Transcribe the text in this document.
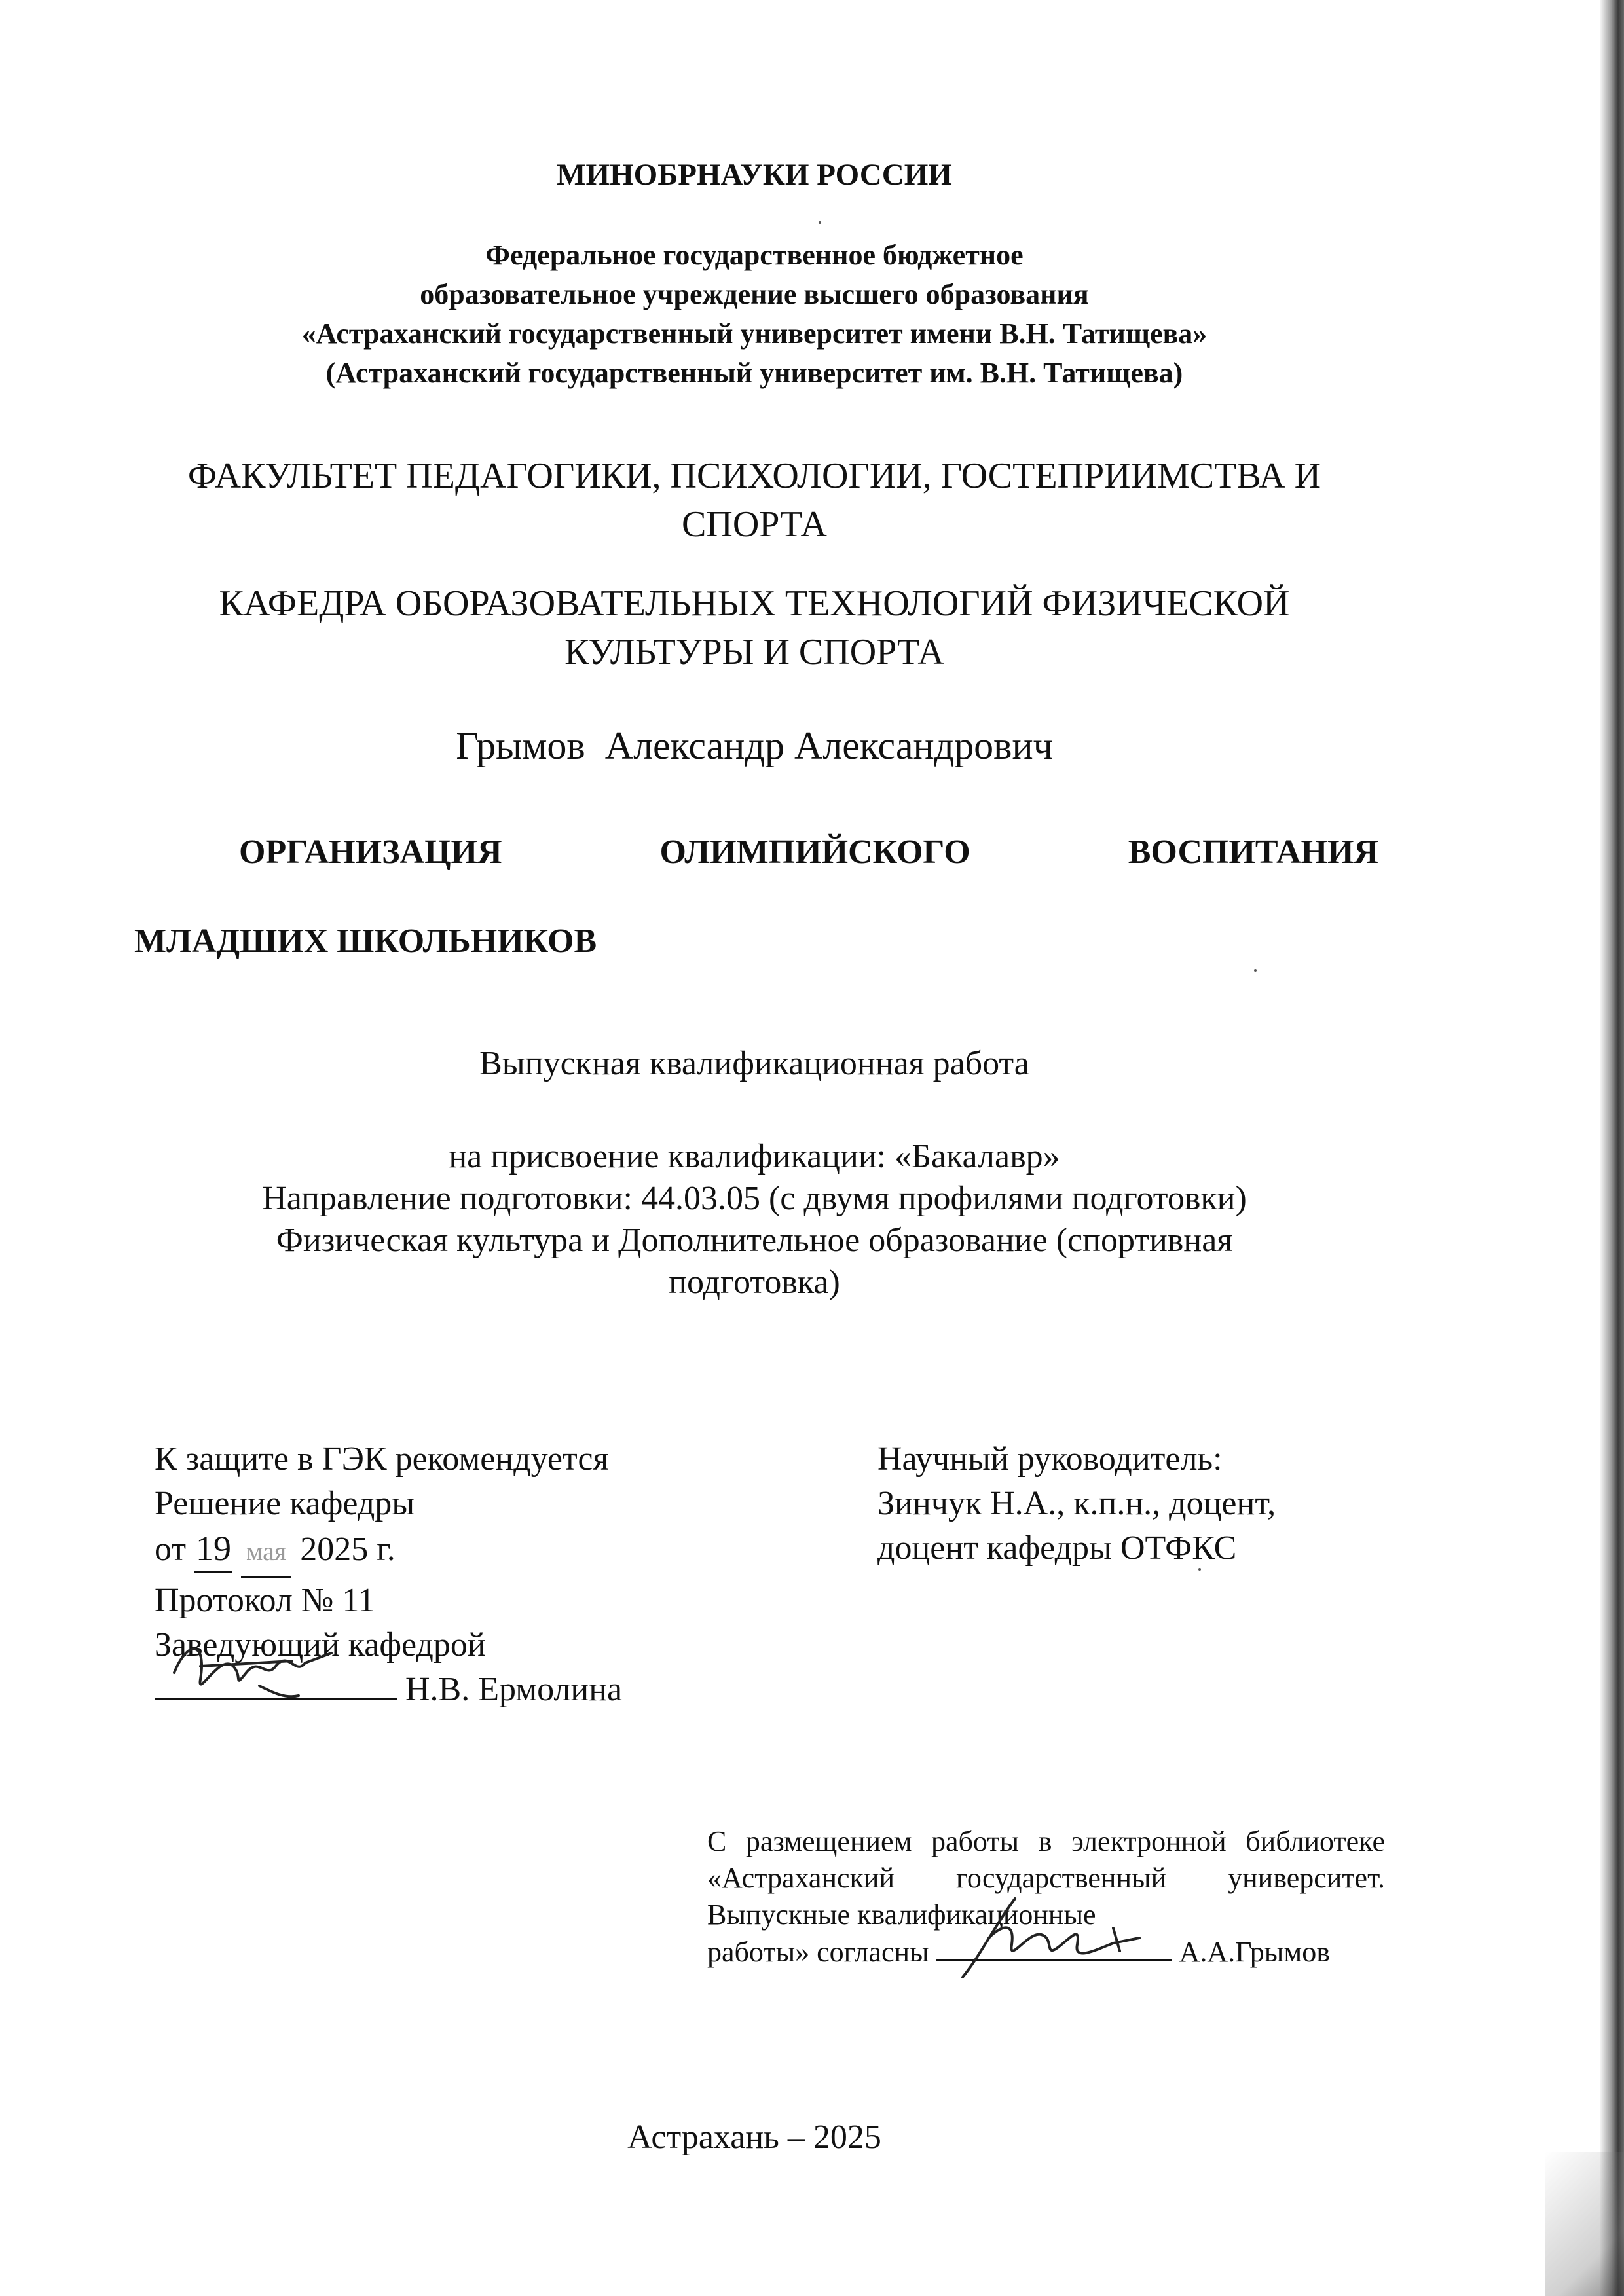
МИНОБРНАУКИ РОССИИ
Федеральное государственное бюджетное
образовательное учреждение высшего образования
«Астраханский государственный университет имени В.Н. Татищева»
(Астраханский государственный университет им. В.Н. Татищева)
ФАКУЛЬТЕТ ПЕДАГОГИКИ, ПСИХОЛОГИИ, ГОСТЕПРИИМСТВА И
СПОРТА
КАФЕДРА ОБОРАЗОВАТЕЛЬНЫХ ТЕХНОЛОГИЙ ФИЗИЧЕСКОЙ
КУЛЬТУРЫ И СПОРТА
Грымов  Александр Александрович
ОРГАНИЗАЦИЯ	ОЛИМПИЙСКОГО	ВОСПИТАНИЯ
МЛАДШИХ ШКОЛЬНИКОВ
Выпускная квалификационная работа
на присвоение квалификации: «Бакалавр»
Направление подготовки: 44.03.05 (с двумя профилями подготовки)
Физическая культура и Дополнительное образование (спортивная
подготовка)
К защите в ГЭК рекомендуется
Решение кафедры
от 19 мая 2025 г.
Протокол № 11
Заведующий кафедрой
Н.В. Ермолина
Научный руководитель:
Зинчук Н.А., к.п.н., доцент,
доцент кафедры ОТФКС
С размещением работы в электронной библиотеке «Астраханский государственный университет. Выпускные квалификационные
работы» согласны	А.А.Грымов
Астрахань – 2025
